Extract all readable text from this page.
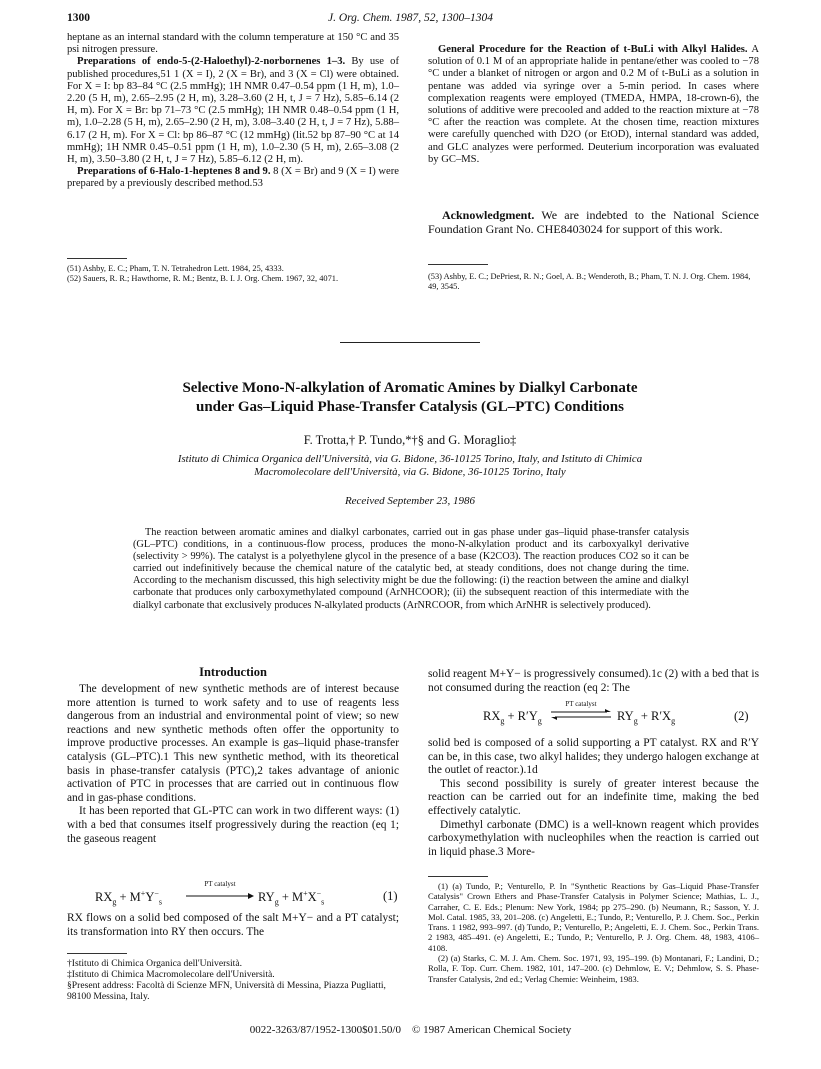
1300	J. Org. Chem. 1987, 52, 1300–1304

heptane as an internal standard with the column temperature at 150 °C and 35 psi nitrogen pressure.

Preparations of endo-5-(2-Haloethyl)-2-norbornenes 1–3. By use of published procedures,51 1 (X = I), 2 (X = Br), and 3 (X = Cl) were obtained. For X = I: bp 83–84 °C (2.5 mmHg); 1H NMR 0.47–0.54 ppm (1 H, m), 1.0–2.20 (5 H, m), 2.65–2.95 (2 H, m), 3.28–3.60 (2 H, t, J = 7 Hz), 5.85–6.14 (2 H, m). For X = Br: bp 71–73 °C (2.5 mmHg); 1H NMR 0.48–0.54 ppm (1 H, m), 1.0–2.28 (5 H, m), 2.65–2.90 (2 H, m), 3.08–3.40 (2 H, t, J = 7 Hz), 5.88–6.17 (2 H, m). For X = Cl: bp 86–87 °C (12 mmHg) (lit.52 bp 87–90 °C at 14 mmHg); 1H NMR 0.45–0.51 ppm (1 H, m), 1.0–2.30 (5 H, m), 2.65–3.08 (2 H, m), 3.50–3.80 (2 H, t, J = 7 Hz), 5.85–6.12 (2 H, m).

Preparations of 6-Halo-1-heptenes 8 and 9. 8 (X = Br) and 9 (X = I) were prepared by a previously described method.53

General Procedure for the Reaction of t-BuLi with Alkyl Halides. A solution of 0.1 M of an appropriate halide in pentane/ether was cooled to −78 °C under a blanket of nitrogen or argon and 0.2 M of t-BuLi as a solution in pentane was added via syringe over a 5-min period. In cases where complexation reagents were employed (TMEDA, HMPA, 18-crown-6), the solutions of additive were precooled and added to the reaction mixture at −78 °C after the reaction was complete. At the chosen time, reaction mixtures were carefully quenched with D2O (or EtOD), internal standard was added, and GLC analyzes were performed. Deuterium incorporation was evaluated by GC–MS.

Acknowledgment. We are indebted to the National Science Foundation Grant No. CHE8403024 for support of this work.

(51) Ashby, E. C.; Pham, T. N. Tetrahedron Lett. 1984, 25, 4333.

(52) Sauers, R. R.; Hawthorne, R. M.; Bentz, B. I. J. Org. Chem. 1967, 32, 4071.	(53) Ashby, E. C.; DePriest, R. N.; Goel, A. B.; Wenderoth, B.; Pham, T. N. J. Org. Chem. 1984, 49, 3545.

Selective Mono-N-alkylation of Aromatic Amines by Dialkyl Carbonate
under Gas–Liquid Phase-Transfer Catalysis (GL–PTC) Conditions
F. Trotta,† P. Tundo,*†§ and G. Moraglio‡
Istituto di Chimica Organica dell'Università, via G. Bidone, 36-10125 Torino, Italy, and Istituto di Chimica
Macromolecolare dell'Università, via G. Bidone, 36-10125 Torino, Italy
Received September 23, 1986
The reaction between aromatic amines and dialkyl carbonates, carried out in gas phase under gas–liquid phase-transfer catalysis (GL–PTC) conditions, in a continuous-flow process, produces the mono-N-alkylation product and its carboxyalkyl derivative (selectivity > 99%). The catalyst is a polyethylene glycol in the presence of a base (K2CO3). The reaction produces CO2 so it can be carried out indefinitively because the chemical nature of the catalytic bed, at steady conditions, does not change during the time. According to the mechanism discussed, this high selectivity might be due the following: (i) the reaction between the amine and dialkyl carbonate that produces only carboxymethylated compound (ArNHCOOR); (ii) the subsequent reaction of this intermediate with the dialkyl carbonate that exclusively produces N-alkylated products (ArNRCOOR, from which ArNHR is selectively produced).
Introduction

The development of new synthetic methods are of interest because more attention is turned to work safety and to use of reagents less dangerous from an industrial and environmental point of view; so new reactions and new synthetic methods often offer the opportunity to improve productive processes. An example is gas–liquid phase-transfer catalysis (GL–PTC).1 This new synthetic method, with its theoretical basis in phase-transfer catalysis (PTC),2 takes advantage of anionic activation of PTC in processes that are carried out in continuous flow and in gas-phase conditions.

It has been reported that GL-PTC can work in two different ways: (1) with a bed that consumes itself progressively during the reaction (eq 1; the gaseous reagent

$RX_g + M^+Y^-_s$
PT catalyst
$RY_g + M^+X^-_s$	(1)

RX flows on a solid bed composed of the salt M+Y− and a PT catalyst; its transformation into RY then occurs. The

†Istituto di Chimica Organica dell'Università.

‡Istituto di Chimica Macromolecolare dell'Università.

§Present address: Facoltà di Scienze MFN, Università di Messina, Piazza Pugliatti, 98100 Messina, Italy.

solid reagent M+Y− is progressively consumed).1c (2) with a bed that is not consumed during the reaction (eq 2: The

$RX_g + R'Y_g$
PT catalyst
$RY_g + R'X_g$	(2)

solid bed is composed of a solid supporting a PT catalyst. RX and R′Y can be, in this case, two alkyl halides; they undergo halogen exchange at the outlet of reactor.).1d

This second possibility is surely of greater interest because the reaction can be carried out for an indefinite time, making the bed effectively catalytic.

Dimethyl carbonate (DMC) is a well-known reagent which provides carboxymethylation with nucleophiles when the reaction is carried out in liquid phase.3 More-

(1) (a) Tundo, P.; Venturello, P. In "Synthetic Reactions by Gas–Liquid Phase-Transfer Catalysis" Crown Ethers and Phase-Transfer Catalysis in Polymer Science; Mathias, L. J., Carraher, C. E. Eds.; Plenum: New York, 1984; pp 275–290. (b) Neumann, R.; Sasson, Y. J. Mol. Catal. 1985, 33, 201–208. (c) Angeletti, E.; Tundo, P.; Venturello, P. J. Chem. Soc., Perkin Trans. 1 1982, 993–997. (d) Tundo, P.; Venturello, P.; Angeletti, E. J. Chem. Soc., Perkin Trans. 2 1983, 485–491. (e) Angeletti, E.; Tundo, P.; Venturello, P. J. Org. Chem. 48, 1983, 4106–4108.

(2) (a) Starks, C. M. J. Am. Chem. Soc. 1971, 93, 195–199. (b) Montanari, F.; Landini, D.; Rolla, F. Top. Curr. Chem. 1982, 101, 147–200. (c) Dehmlow, E. V.; Dehmlow, S. S. Phase-Transfer Catalysis, 2nd ed.; Verlag Chemie: Weinheim, 1983.

0022-3263/87/1952-1300$01.50/0 © 1987 American Chemical Society
